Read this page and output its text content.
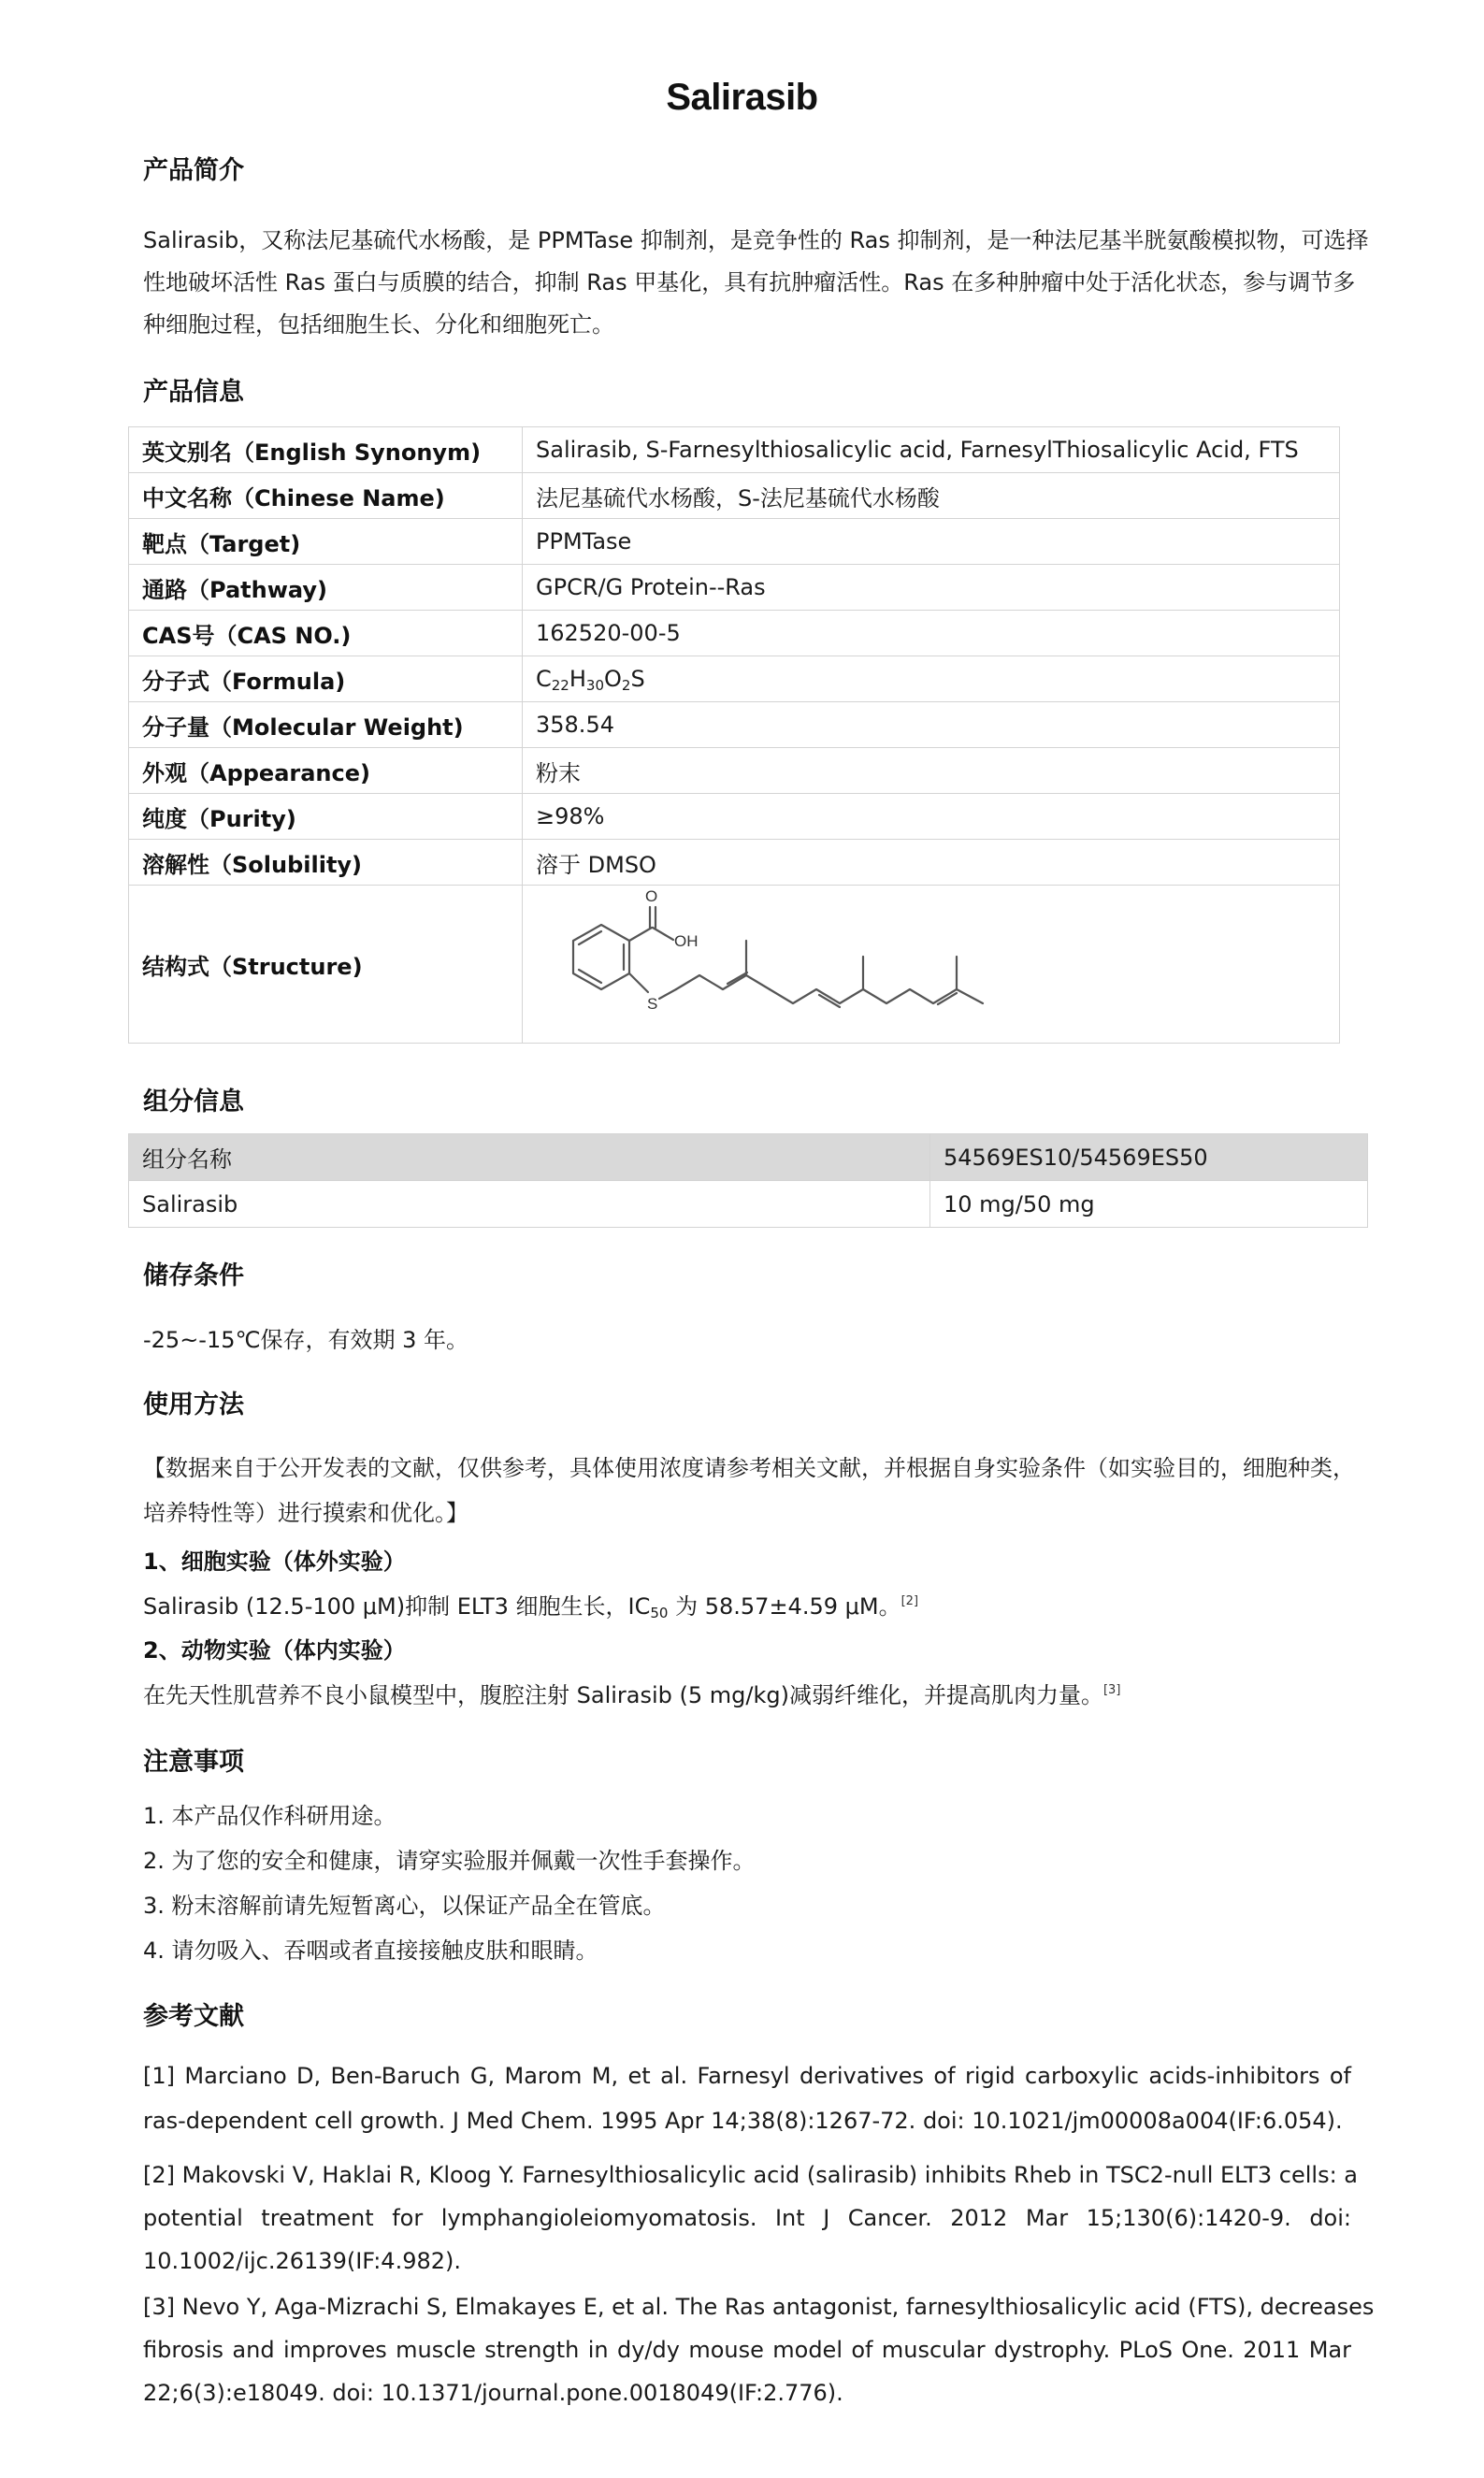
Salirasib
产品简介
Salirasib，又称法尼基硫代水杨酸，是 PPMTase 抑制剂，是竞争性的 Ras 抑制剂，是一种法尼基半胱氨酸模拟物，可选择
性地破坏活性 Ras 蛋白与质膜的结合，抑制 Ras 甲基化，具有抗肿瘤活性。Ras 在多种肿瘤中处于活化状态，参与调节多
种细胞过程，包括细胞生长、分化和细胞死亡。
产品信息
英文别名（English Synonym)	Salirasib, S-Farnesylthiosalicylic acid, FarnesylThiosalicylic Acid, FTS
中文名称（Chinese Name)	法尼基硫代水杨酸，S-法尼基硫代水杨酸
靶点（Target)	PPMTase
通路（Pathway)	GPCR/G Protein--Ras
CAS号（CAS NO.)	162520-00-5
分子式（Formula)	$C_{22}H_{30}O_2S$
分子量（Molecular Weight)	358.54
外观（Appearance)	粉末
纯度（Purity)	≥98%
溶解性（Solubility)	溶于 DMSO
结构式（Structure)	O
OH
S
组分信息
组分名称	54569ES10/54569ES50
Salirasib	10 mg/50 mg
储存条件
-25~-15℃保存，有效期 3 年。
使用方法
【数据来自于公开发表的文献，仅供参考，具体使用浓度请参考相关文献，并根据自身实验条件（如实验目的，细胞种类，
培养特性等）进行摸索和优化。】
1、细胞实验（体外实验）
Salirasib (12.5-100 μM)抑制 ELT3 细胞生长，$IC_{50}$ 为 58.57±4.59 μM。[2]
2、动物实验（体内实验）
在先天性肌营养不良小鼠模型中，腹腔注射 Salirasib (5 mg/kg)减弱纤维化，并提高肌肉力量。[3]
注意事项
1. 本产品仅作科研用途。
2. 为了您的安全和健康，请穿实验服并佩戴一次性手套操作。
3. 粉末溶解前请先短暂离心，以保证产品全在管底。
4. 请勿吸入、吞咽或者直接接触皮肤和眼睛。
参考文献
[1] Marciano D, Ben-Baruch G, Marom M, et al. Farnesyl derivatives of rigid carboxylic acids-inhibitors of
ras-dependent cell growth. J Med Chem. 1995 Apr 14;38(8):1267-72. doi: 10.1021/jm00008a004(IF:6.054).
[2] Makovski V, Haklai R, Kloog Y. Farnesylthiosalicylic acid (salirasib) inhibits Rheb in TSC2-null ELT3 cells: a
potential treatment for lymphangioleiomyomatosis. Int J Cancer. 2012 Mar 15;130(6):1420-9. doi:
10.1002/ijc.26139(IF:4.982).
[3] Nevo Y, Aga-Mizrachi S, Elmakayes E, et al. The Ras antagonist, farnesylthiosalicylic acid (FTS), decreases
fibrosis and improves muscle strength in dy/dy mouse model of muscular dystrophy. PLoS One. 2011 Mar
22;6(3):e18049. doi: 10.1371/journal.pone.0018049(IF:2.776).
